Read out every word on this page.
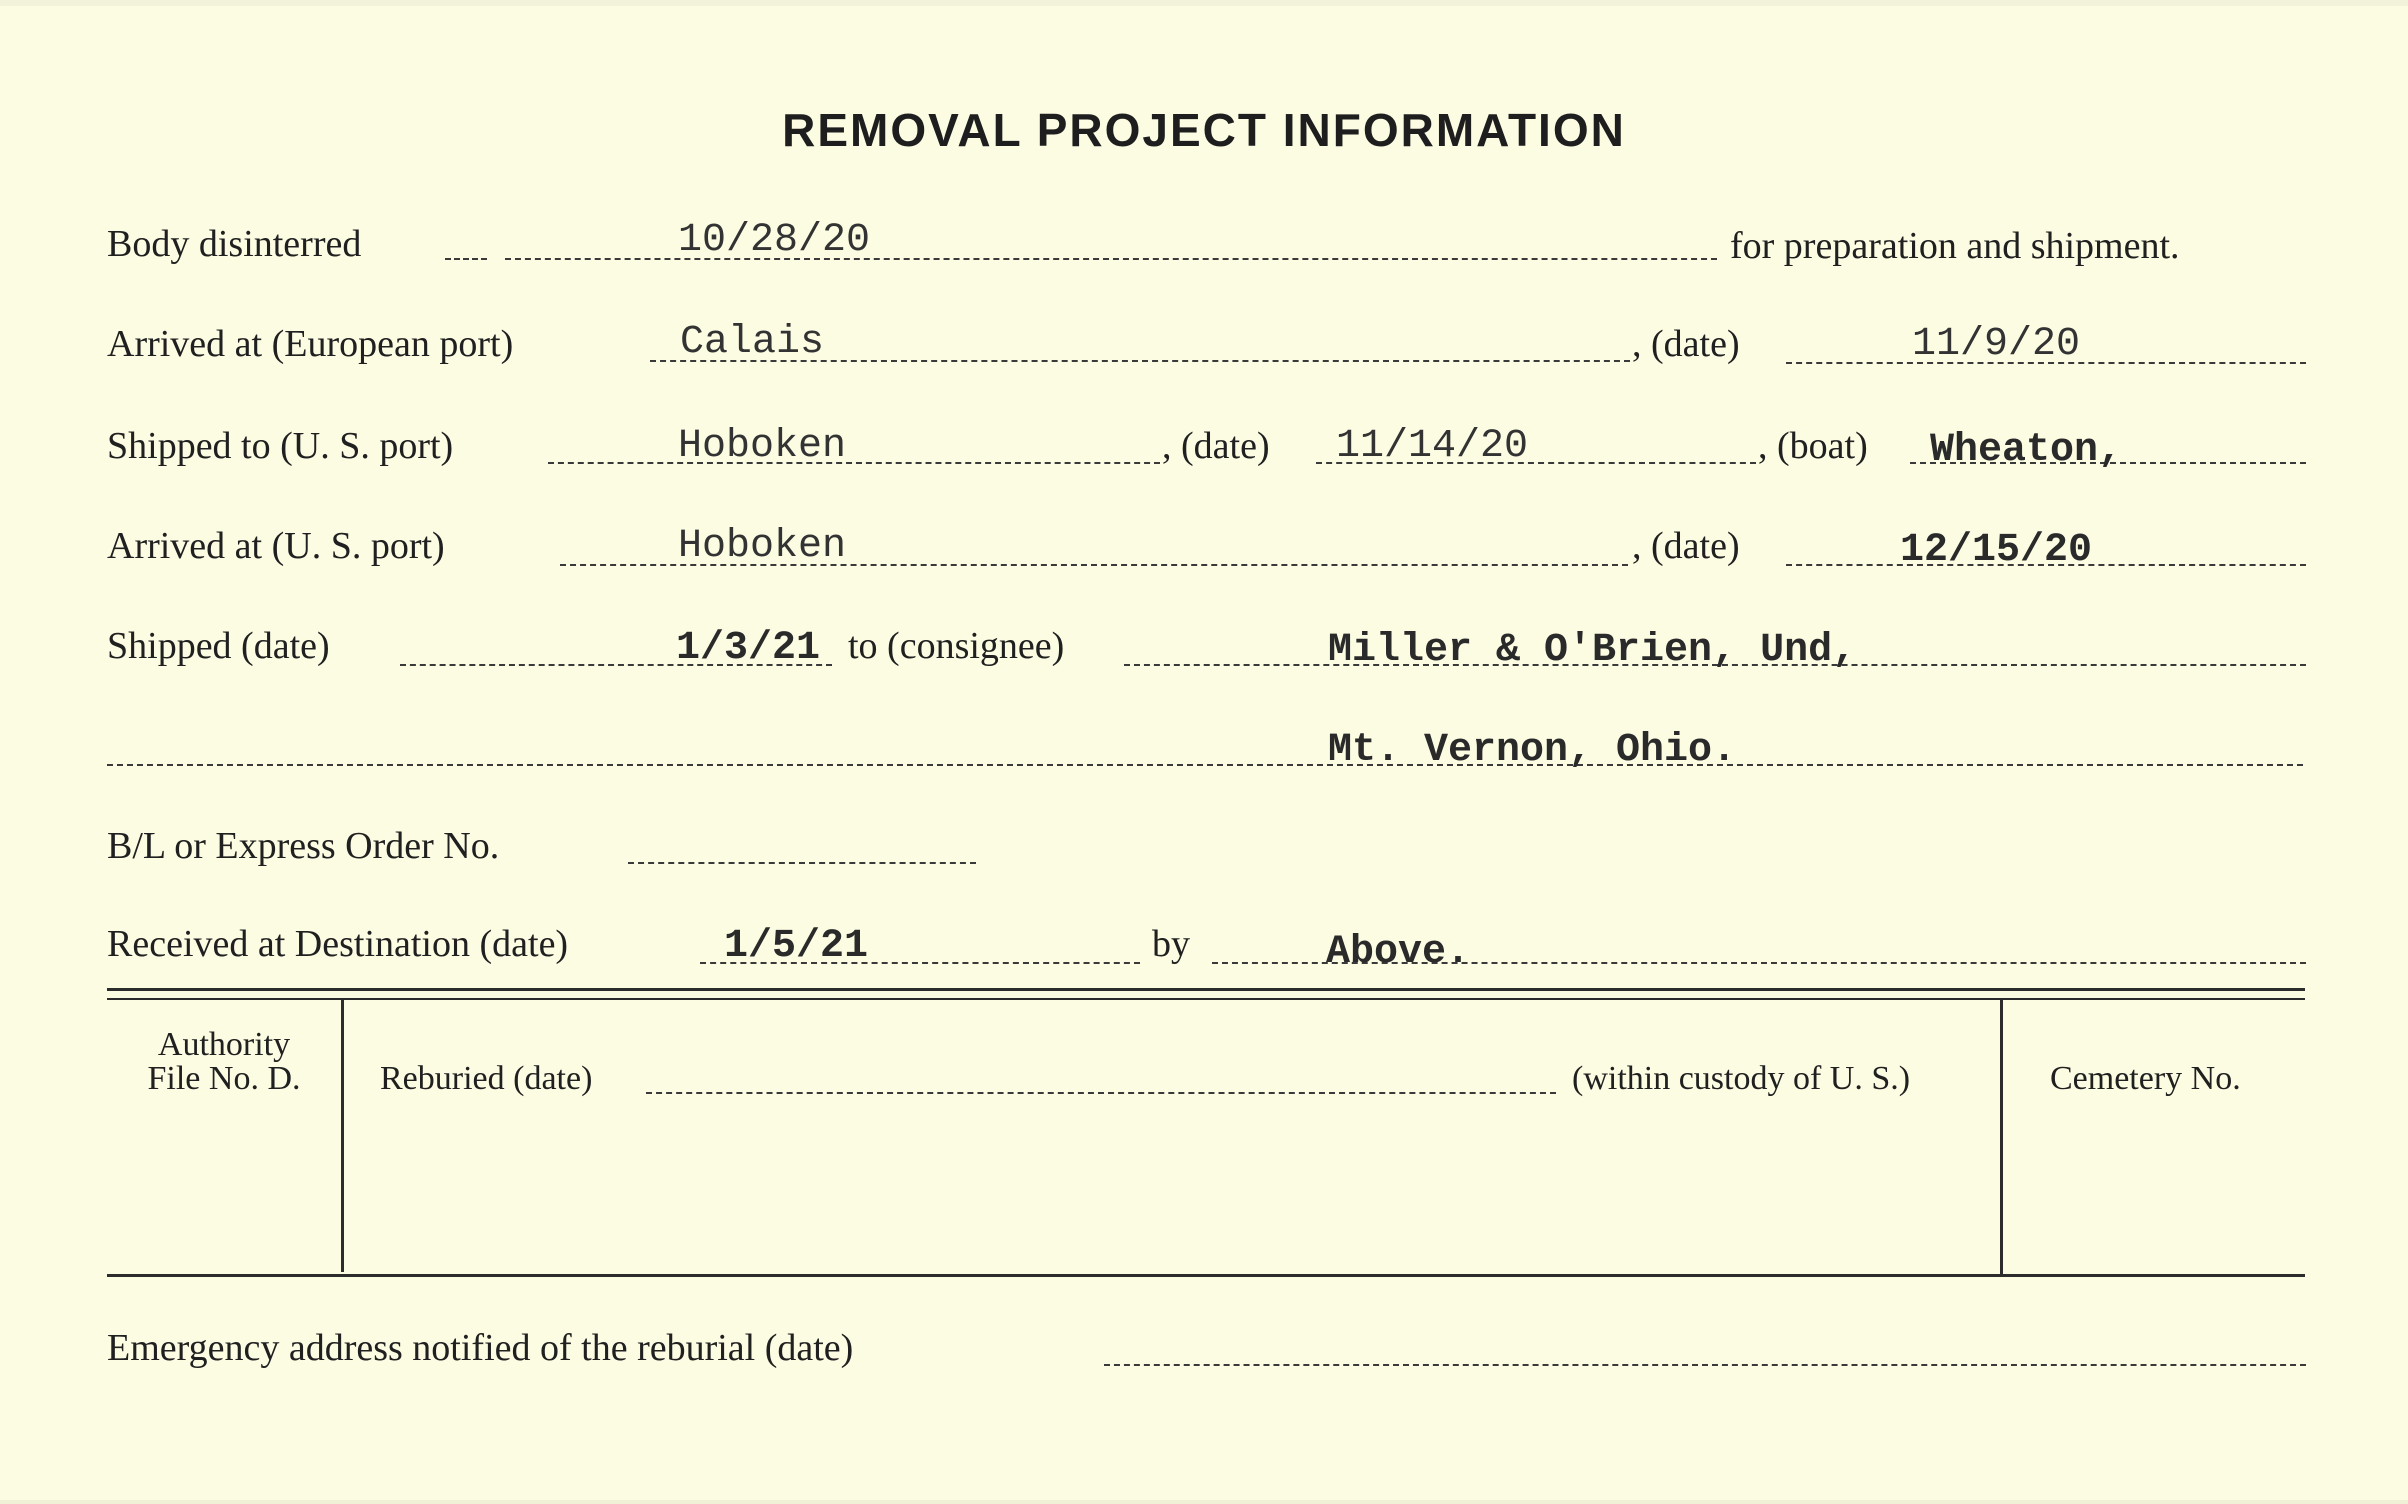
REMOVAL PROJECT INFORMATION
Body disinterred	10/28/20	for preparation and shipment.
Arrived at (European port)	Calais	, (date)	11/9/20
Shipped to (U. S. port)	Hoboken	, (date) 11/14/20	, (boat) Wheaton,
Arrived at (U. S. port)	Hoboken	, (date)	12/15/20
Shipped (date)	1/3/21 to (consignee)	Miller & O'Brien, Und,
Mt. Vernon, Ohio.
B/L or Express Order No.
Received at Destination (date)	1/5/21	by	Above.
Authority
File No. D.	Reburied (date)	(within custody of U. S.)	Cemetery No.
Emergency address notified of the reburial (date)
